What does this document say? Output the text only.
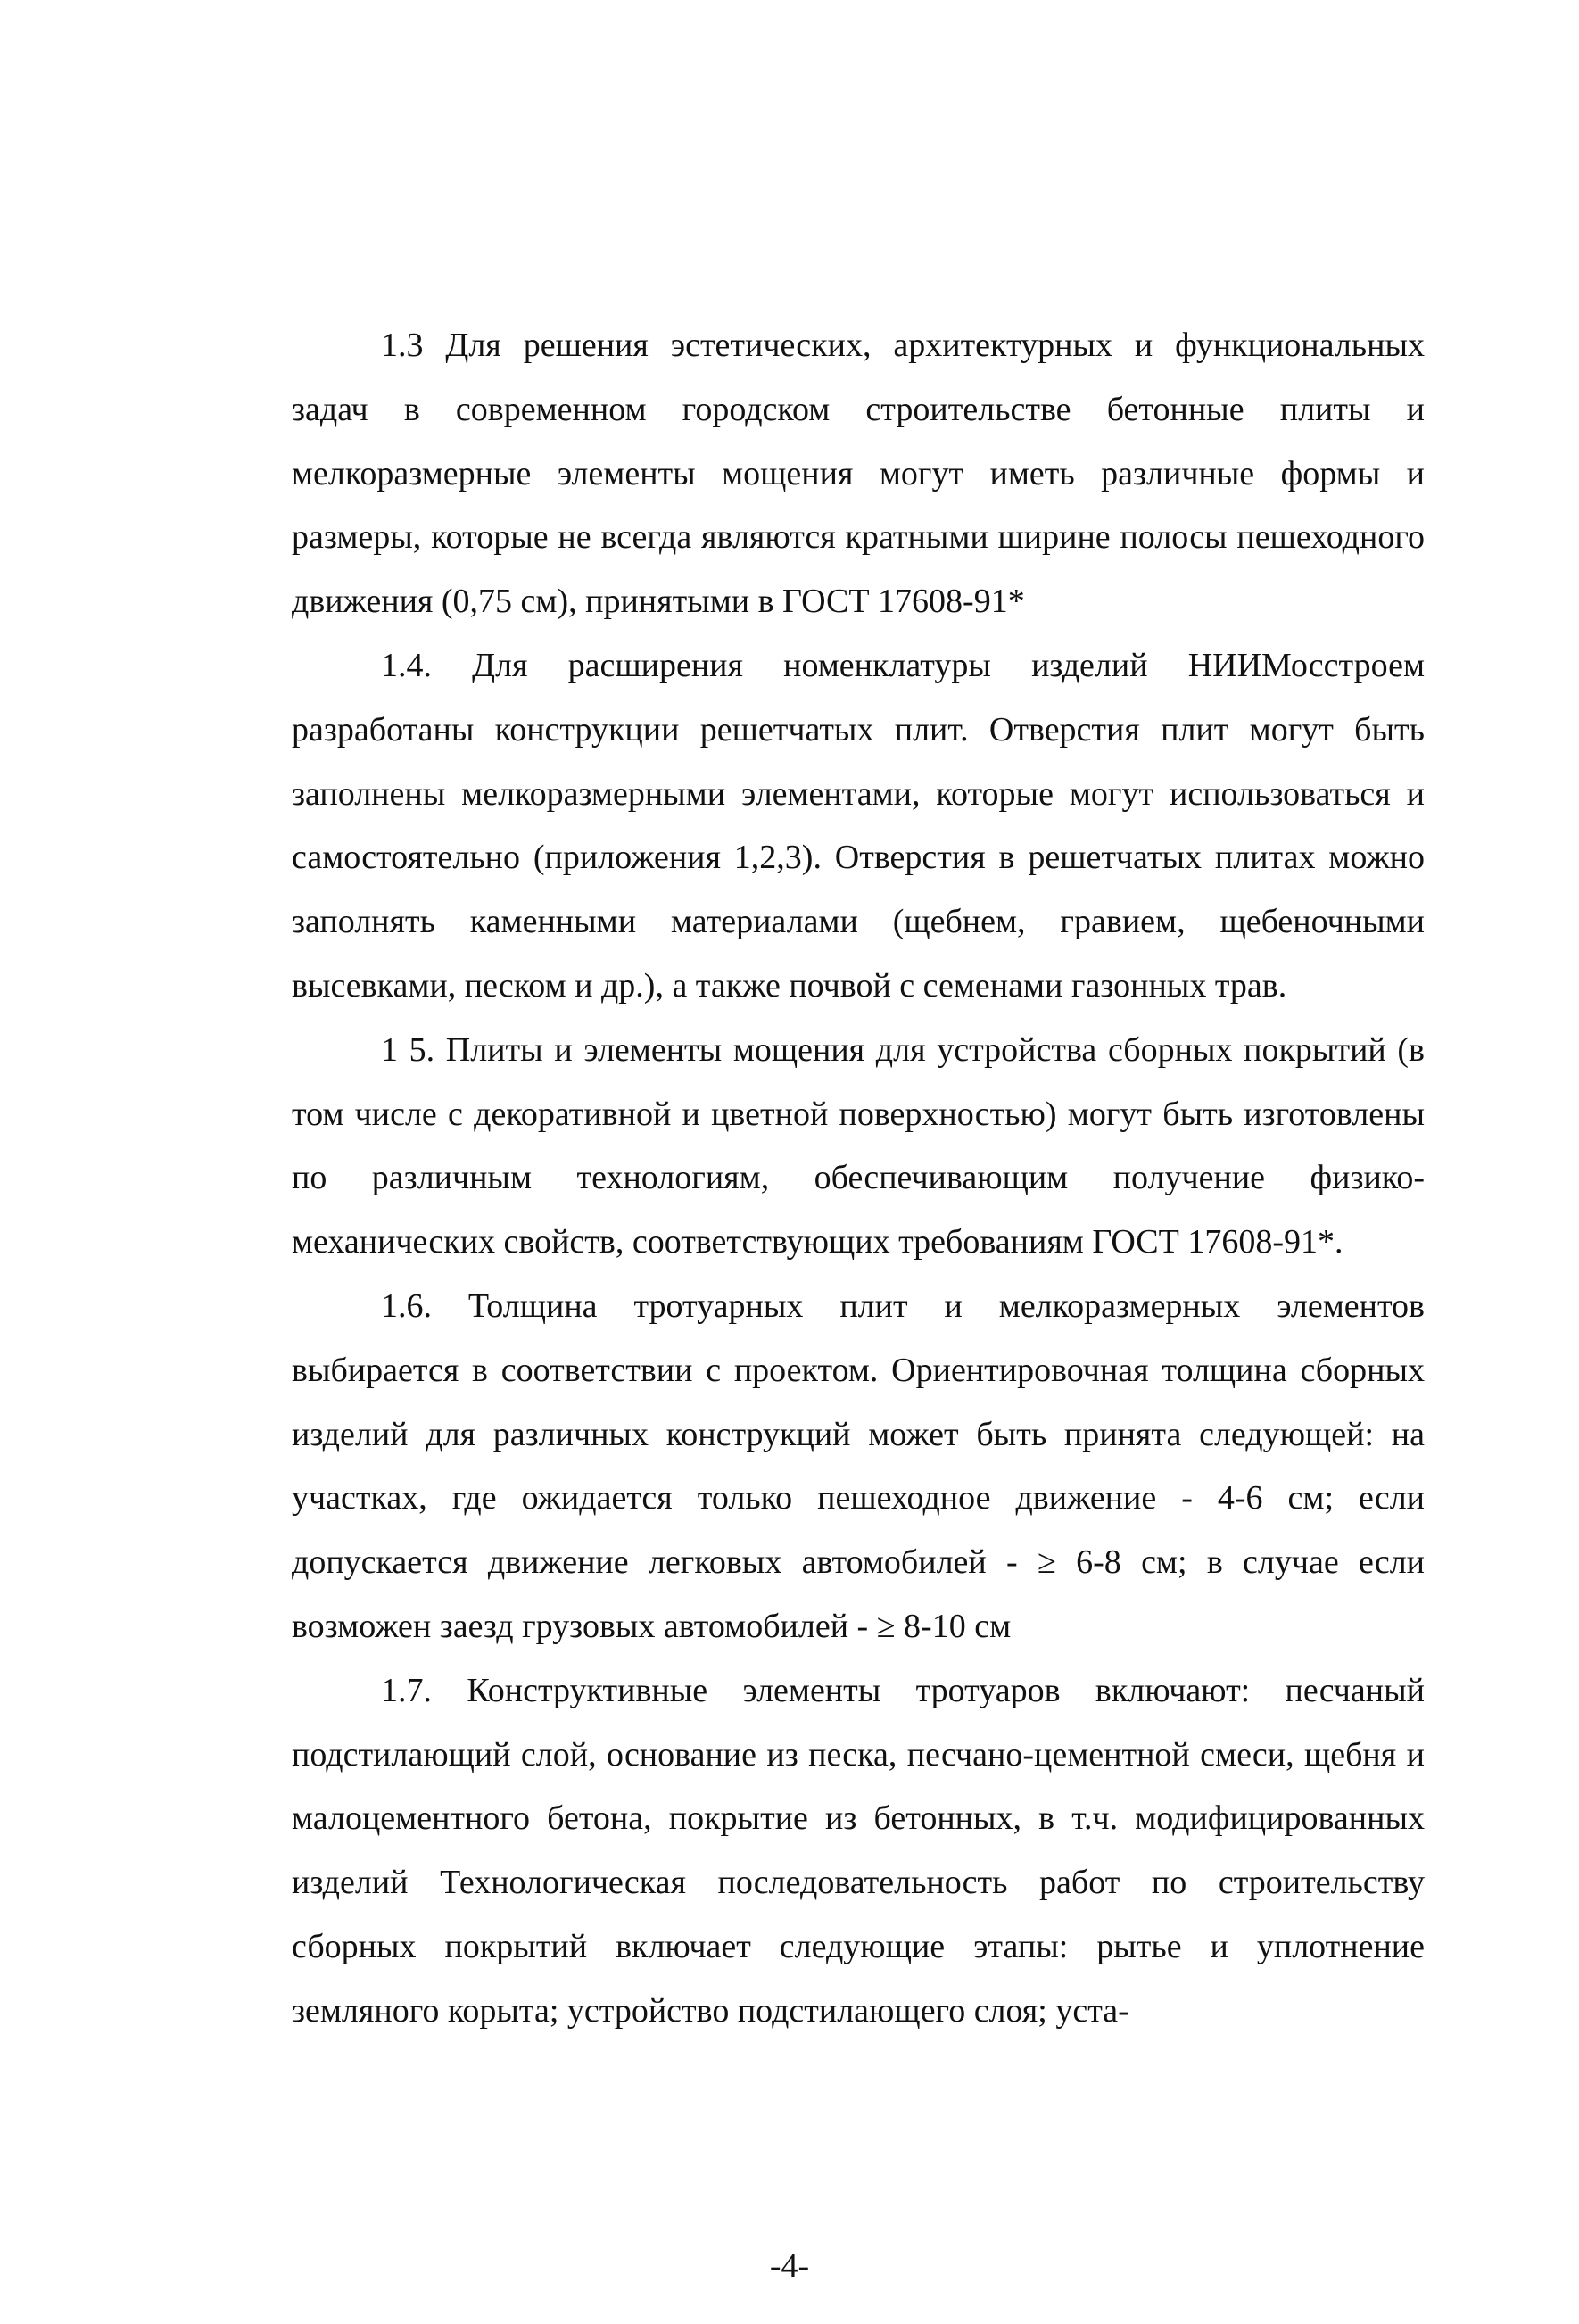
1.3 Для решения эстетических, архитектурных и функциональных задач в современном городском строительстве бетонные плиты и мелкоразмерные элементы мощения могут иметь различные формы и размеры, которые не всегда являются кратными ширине полосы пешеходного движения (0,75 см), принятыми в ГОСТ 17608-91*

1.4. Для расширения номенклатуры изделий НИИМосстроем разработаны конструкции решетчатых плит. Отверстия плит могут быть заполнены мелкоразмерными элементами, которые могут использоваться и самостоятельно (приложения 1,2,3). Отверстия в решетчатых плитах можно заполнять каменными материалами (щебнем, гравием, щебеночными высевками, песком и др.), а также почвой с семенами газонных трав.

1 5. Плиты и элементы мощения для устройства сборных покрытий (в том числе с декоративной и цветной поверхностью) могут быть изготовлены по различным технологиям, обеспечивающим получение физико-механических свойств, соответствующих требованиям ГОСТ 17608-91*.

1.6. Толщина тротуарных плит и мелкоразмерных элементов выбирается в соответствии с проектом. Ориентировочная толщина сборных изделий для различных конструкций может быть принята следующей: на участках, где ожидается только пешеходное движение - 4-6 см; если допускается движение легковых автомобилей - ≥ 6-8 см; в случае если возможен заезд грузовых автомобилей - ≥ 8-10 см

1.7. Конструктивные элементы тротуаров включают: песчаный подстилающий слой, основание из песка, песчано-цементной смеси, щебня и малоцементного бетона, покрытие из бетонных, в т.ч. модифицированных изделий Технологическая последовательность работ по строительству сборных покрытий включает следующие этапы: рытье и уплотнение земляного корыта; устройство подстилающего слоя; уста-

-4-
